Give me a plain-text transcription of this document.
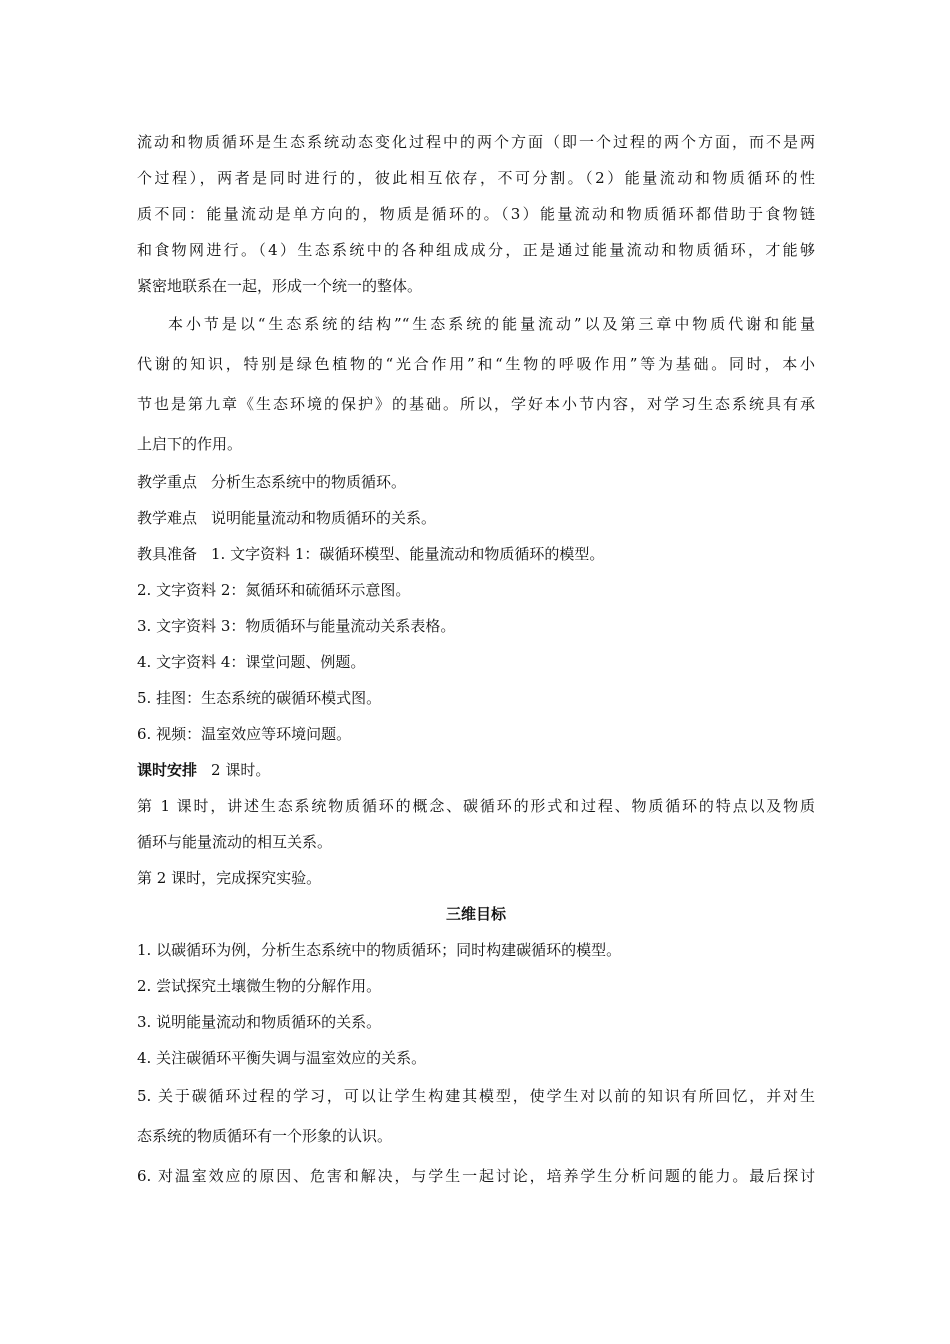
流动和物质循环是生态系统动态变化过程中的两个方面（即一个过程的两个方面，而不是两
个过程），两者是同时进行的，彼此相互依存，不可分割。（2）能量流动和物质循环的性
质不同：能量流动是单方向的，物质是循环的。（3）能量流动和物质循环都借助于食物链
和食物网进行。（4）生态系统中的各种组成成分，正是通过能量流动和物质循环，才能够
紧密地联系在一起，形成一个统一的整体。
本小节是以“生态系统的结构”“生态系统的能量流动”以及第三章中物质代谢和能量
代谢的知识，特别是绿色植物的“光合作用”和“生物的呼吸作用”等为基础。同时，本小
节也是第九章《生态环境的保护》的基础。所以，学好本小节内容，对学习生态系统具有承
上启下的作用。
教学重点 分析生态系统中的物质循环。
教学难点 说明能量流动和物质循环的关系。
教具准备 1. 文字资料 1：碳循环模型、能量流动和物质循环的模型。
2. 文字资料 2：氮循环和硫循环示意图。
3. 文字资料 3：物质循环与能量流动关系表格。
4. 文字资料 4：课堂问题、例题。
5. 挂图：生态系统的碳循环模式图。
6. 视频：温室效应等环境问题。
课时安排 2 课时。
第 1 课时，讲述生态系统物质循环的概念、碳循环的形式和过程、物质循环的特点以及物质
循环与能量流动的相互关系。
第 2 课时，完成探究实验。
三维目标
1. 以碳循环为例，分析生态系统中的物质循环；同时构建碳循环的模型。
2. 尝试探究土壤微生物的分解作用。
3. 说明能量流动和物质循环的关系。
4. 关注碳循环平衡失调与温室效应的关系。
5. 关于碳循环过程的学习，可以让学生构建其模型，使学生对以前的知识有所回忆，并对生
态系统的物质循环有一个形象的认识。
6. 对温室效应的原因、危害和解决，与学生一起讨论，培养学生分析问题的能力。最后探讨
